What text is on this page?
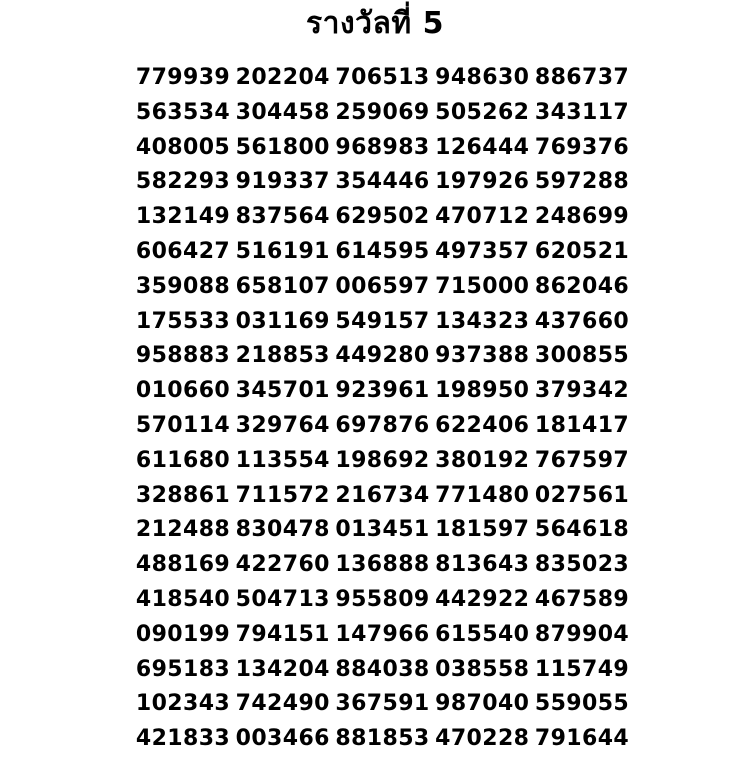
รางวัลที่ 5
779939 202204 706513 948630 886737
563534 304458 259069 505262 343117
408005 561800 968983 126444 769376
582293 919337 354446 197926 597288
132149 837564 629502 470712 248699
606427 516191 614595 497357 620521
359088 658107 006597 715000 862046
175533 031169 549157 134323 437660
958883 218853 449280 937388 300855
010660 345701 923961 198950 379342
570114 329764 697876 622406 181417
611680 113554 198692 380192 767597
328861 711572 216734 771480 027561
212488 830478 013451 181597 564618
488169 422760 136888 813643 835023
418540 504713 955809 442922 467589
090199 794151 147966 615540 879904
695183 134204 884038 038558 115749
102343 742490 367591 987040 559055
421833 003466 881853 470228 791644
